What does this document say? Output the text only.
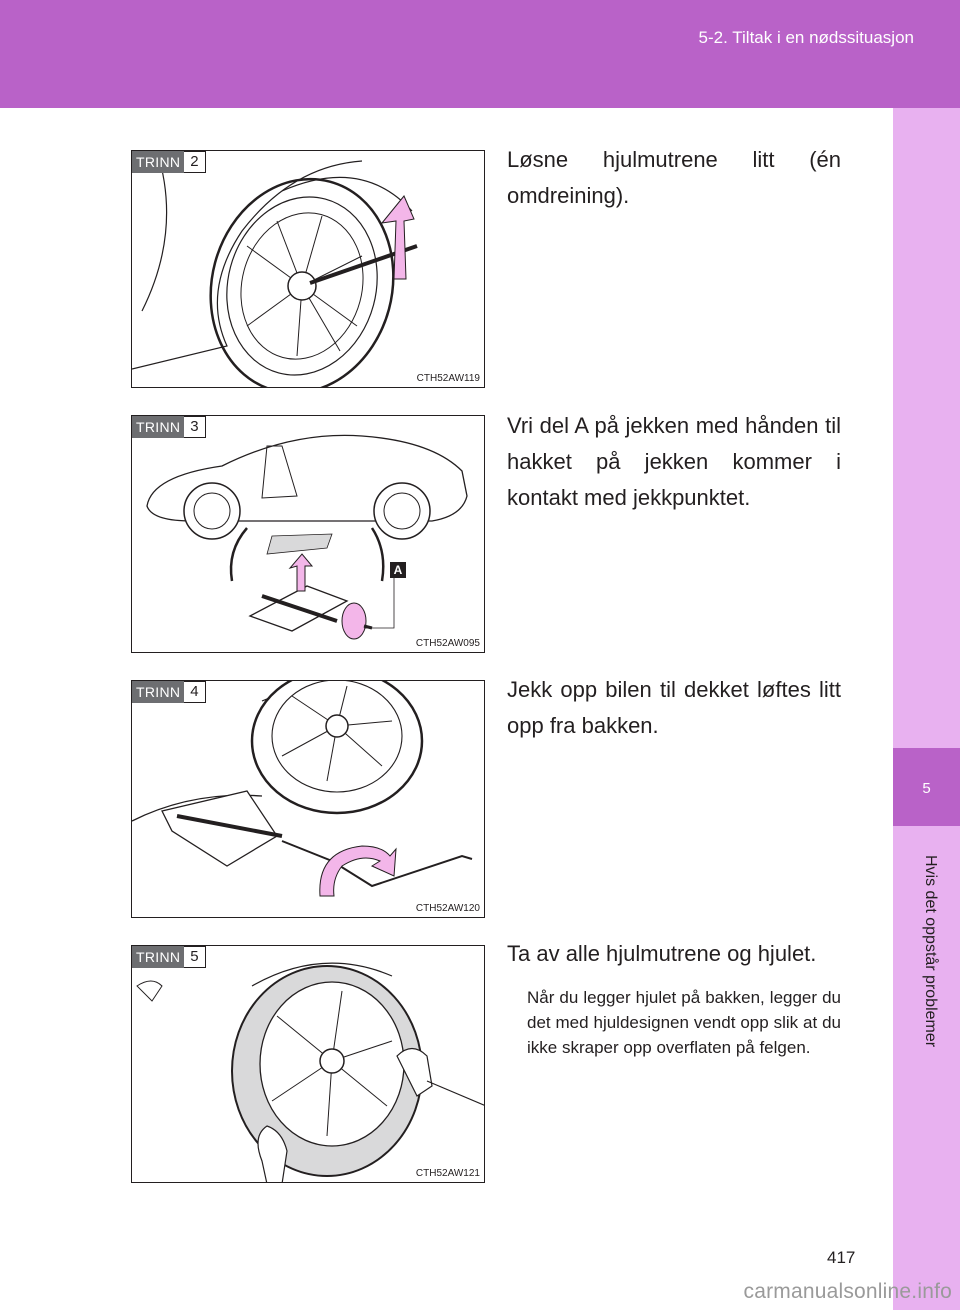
5-2. Tiltak i en nødssituasjon
5
Hvis det oppstår problemer
TRINN 2
CTH52AW119
Løsne hjulmutrene litt (én omdreining).
A
TRINN 3
CTH52AW095
Vri del A på jekken med hånden til hakket på jekken kommer i kontakt med jekkpunktet.
TRINN 4
CTH52AW120
Jekk opp bilen til dekket løftes litt opp fra bakken.
TRINN 5
CTH52AW121
Ta av alle hjulmutrene og hjulet.
Når du legger hjulet på bakken, legger du det med hjuldesignen vendt opp slik at du ikke skraper opp overflaten på felgen.
417
carmanualsonline.info
